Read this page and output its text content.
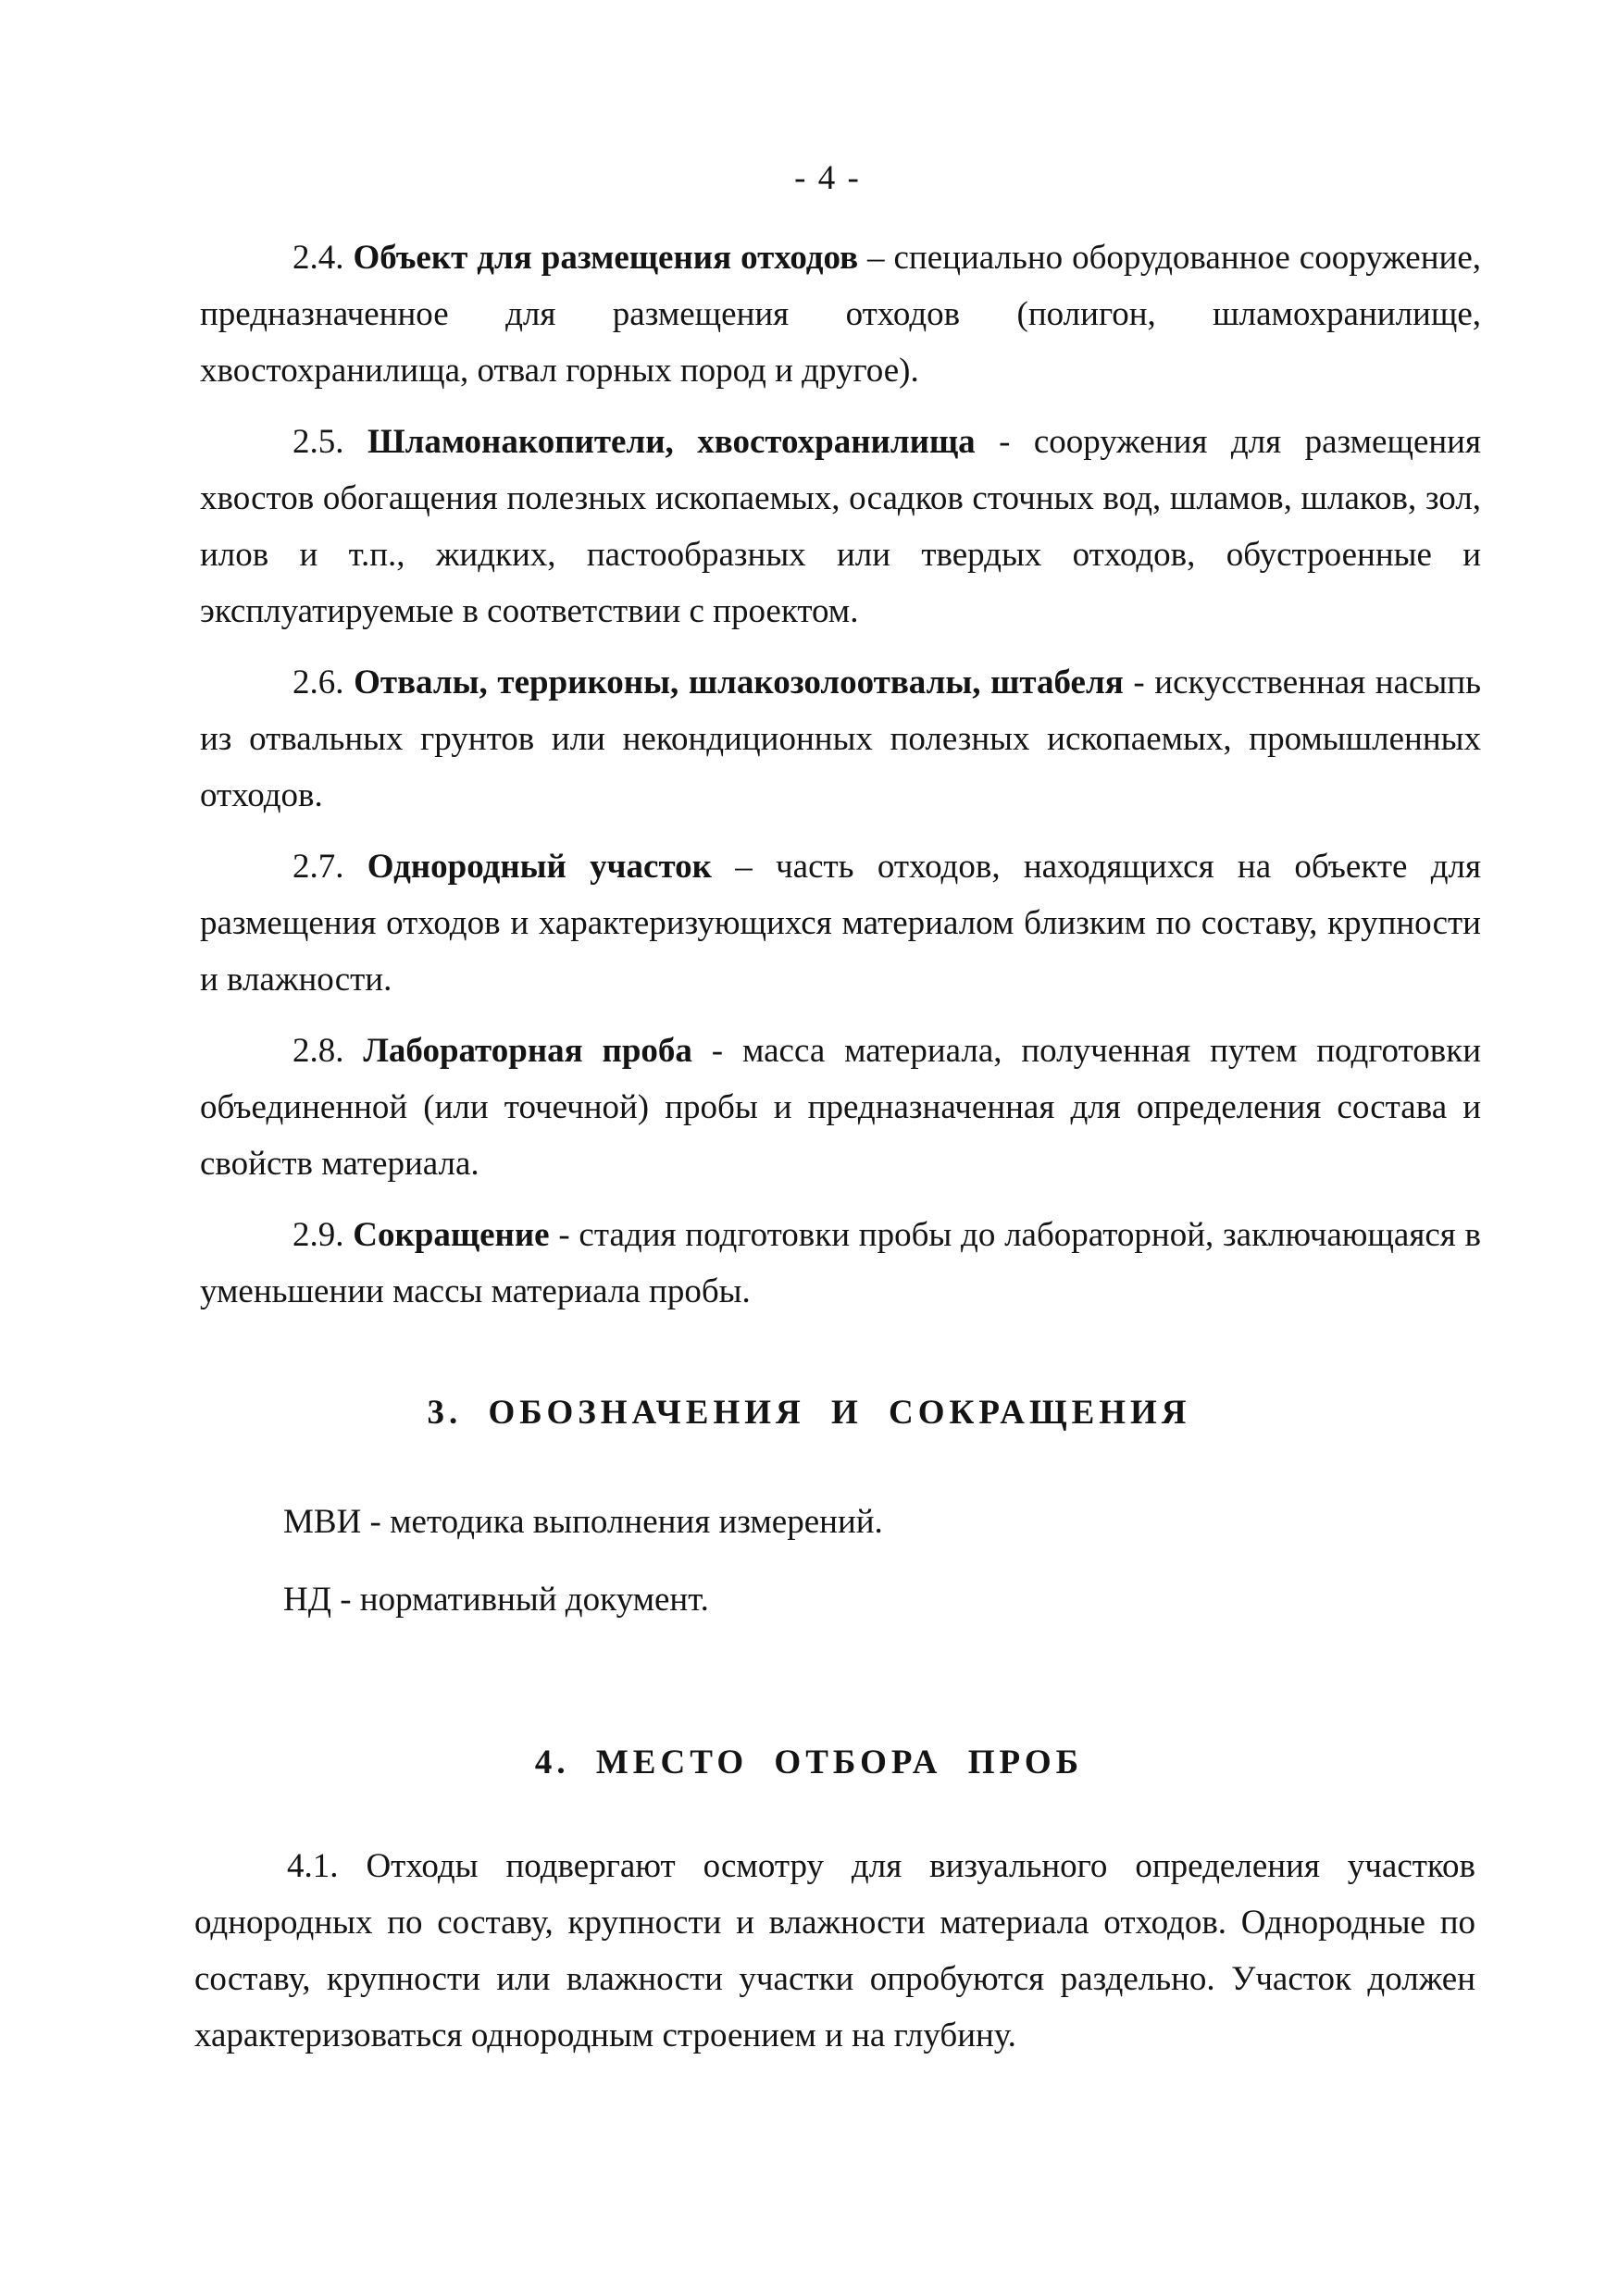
- 4 -

2.4. Объект для размещения отходов – специально оборудованное сооружение, предназначенное для размещения отходов (полигон, шламохранилище, хвостохранилища, отвал горных пород и другое).

2.5. Шламонакопители, хвостохранилища - сооружения для размещения хвостов обогащения полезных ископаемых, осадков сточных вод, шламов, шлаков, зол, илов и т.п., жидких, пастообразных или твердых отходов, обустроенные и эксплуатируемые в соответствии с проектом.

2.6. Отвалы, терриконы, шлакозолоотвалы, штабеля - искусственная насыпь из отвальных грунтов или некондиционных полезных ископаемых, промышленных отходов.

2.7. Однородный участок – часть отходов, находящихся на объекте для размещения отходов и характеризующихся материалом близким по составу, крупности и влажности.

2.8. Лабораторная проба - масса материала, полученная путем подготовки объединенной (или точечной) пробы и предназначенная для определения состава и свойств материала.

2.9. Сокращение - стадия подготовки пробы до лабораторной, заключающаяся в уменьшении массы материала пробы.

3. ОБОЗНАЧЕНИЯ И СОКРАЩЕНИЯ
МВИ - методика выполнения измерений.
НД - нормативный документ.
4. МЕСТО ОТБОРА ПРОБ

4.1. Отходы подвергают осмотру для визуального определения участков однородных по составу, крупности и влажности материала отходов. Однородные по составу, крупности или влажности участки опробуются раздельно. Участок должен характеризоваться однородным строением и на глубину.
